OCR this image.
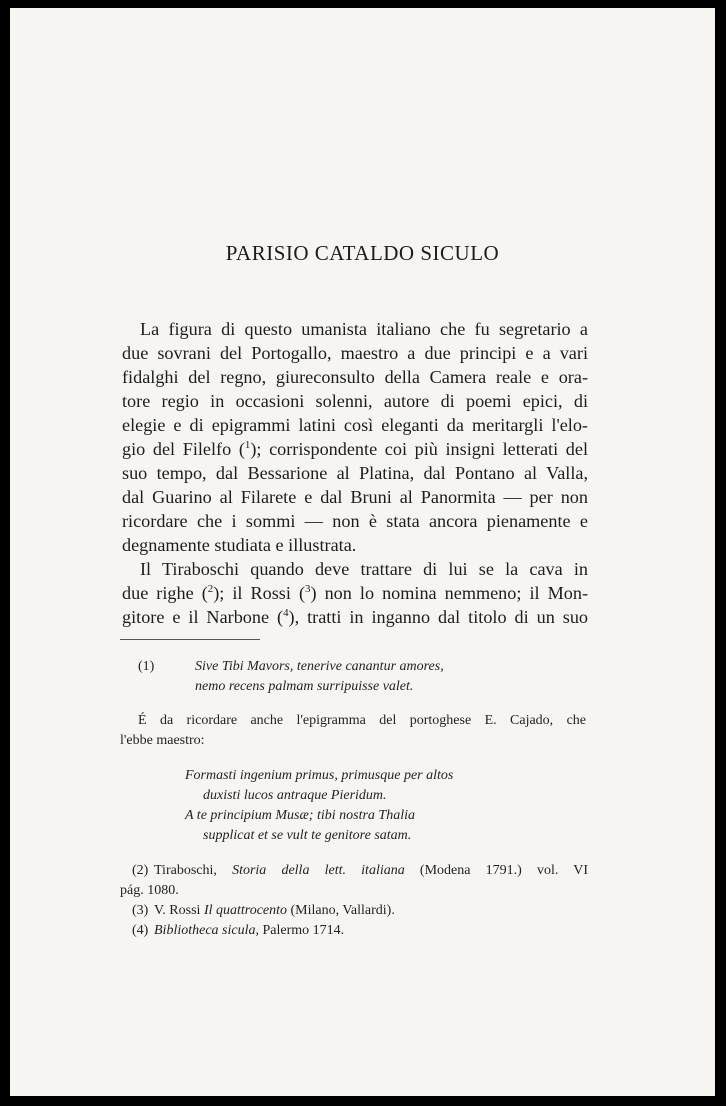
PARISIO CATALDO SICULO
La figura di questo umanista italiano che fu segretario a
due sovrani del Portogallo, maestro a due principi e a vari
fidalghi del regno, giureconsulto della Camera reale e ora-
tore regio in occasioni solenni, autore di poemi epici, di
elegie e di epigrammi latini così eleganti da meritargli l'elo-
gio del Filelfo ($^1$); corrispondente coi più insigni letterati del
suo tempo, dal Bessarione al Platina, dal Pontano al Valla,
dal Guarino al Filarete e dal Bruni al Panormita — per non
ricordare che i sommi — non è stata ancora pienamente e
degnamente studiata e illustrata.
Il Tiraboschi quando deve trattare di lui se la cava in
due righe ($^2$); il Rossi ($^3$) non lo nomina nemmeno; il Mon-
gitore e il Narbone ($^4$), tratti in inganno dal titolo di un suo
(1)	Sive Tibi Mavors, tenerive canantur amores,
nemo recens palmam surripuisse valet.
É da ricordare anche l'epigramma del portoghese E. Cajado, che
l'ebbe maestro:
Formasti ingenium primus, primusque per altos
duxisti lucos antraque Pieridum.
A te principium Musæ; tibi nostra Thalia
supplicat et se vult te genitore satam.
(2) Tiraboschi, Storia della lett. italiana (Modena 1791.) vol. VI
pág. 1080.
(3) V. Rossi Il quattrocento (Milano, Vallardi).
(4) Bibliotheca sicula, Palermo 1714.
